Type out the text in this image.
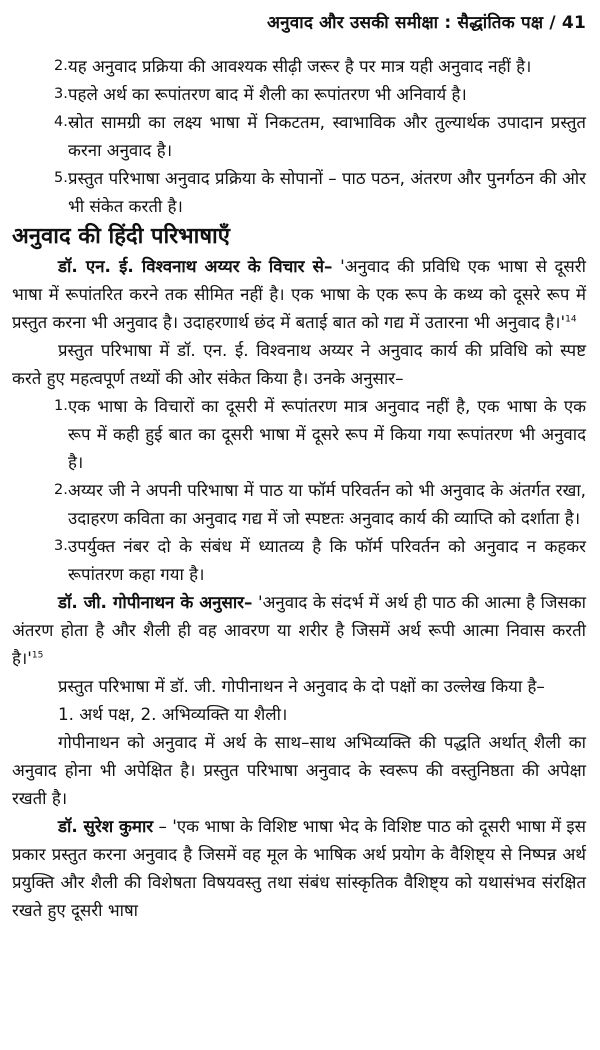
अनुवाद और उसकी समीक्षा : सैद्धांतिक पक्ष / 41
2. यह अनुवाद प्रक्रिया की आवश्यक सीढ़ी जरूर है पर मात्र यही अनुवाद नहीं है।
3. पहले अर्थ का रूपांतरण बाद में शैली का रूपांतरण भी अनिवार्य है।
4. स्रोत सामग्री का लक्ष्य भाषा में निकटतम, स्वाभाविक और तुल्यार्थक उपादान प्रस्तुत करना अनुवाद है।
5. प्रस्तुत परिभाषा अनुवाद प्रक्रिया के सोपानों – पाठ पठन, अंतरण और पुनर्गठन की ओर भी संकेत करती है।
अनुवाद की हिंदी परिभाषाएँ

डॉ. एन. ई. विश्वनाथ अय्यर के विचार से– 'अनुवाद की प्रविधि एक भाषा से दूसरी भाषा में रूपांतरित करने तक सीमित नहीं है। एक भाषा के एक रूप के कथ्य को दूसरे रूप में प्रस्तुत करना भी अनुवाद है। उदाहरणार्थ छंद में बताई बात को गद्य में उतारना भी अनुवाद $है।'^{14}$

प्रस्तुत परिभाषा में डॉ. एन. ई. विश्वनाथ अय्यर ने अनुवाद कार्य की प्रविधि को स्पष्ट करते हुए महत्वपूर्ण तथ्यों की ओर संकेत किया है। उनके अनुसार–

1. एक भाषा के विचारों का दूसरी में रूपांतरण मात्र अनुवाद नहीं है, एक भाषा के एक रूप में कही हुई बात का दूसरी भाषा में दूसरे रूप में किया गया रूपांतरण भी अनुवाद है।
2. अय्यर जी ने अपनी परिभाषा में पाठ या फॉर्म परिवर्तन को भी अनुवाद के अंतर्गत रखा, उदाहरण कविता का अनुवाद गद्य में जो स्पष्टतः अनुवाद कार्य की व्याप्ति को दर्शाता है।
3. उपर्युक्त नंबर दो के संबंध में ध्यातव्य है कि फॉर्म परिवर्तन को अनुवाद न कहकर रूपांतरण कहा गया है।

डॉ. जी. गोपीनाथन के अनुसार– 'अनुवाद के संदर्भ में अर्थ ही पाठ की आत्मा है जिसका अंतरण होता है और शैली ही वह आवरण या शरीर है जिसमें अर्थ रूपी आत्मा निवास करती $है।'^{15}$

प्रस्तुत परिभाषा में डॉ. जी. गोपीनाथन ने अनुवाद के दो पक्षों का उल्लेख किया है–

1. अर्थ पक्ष, 2. अभिव्यक्ति या शैली।

गोपीनाथन को अनुवाद में अर्थ के साथ–साथ अभिव्यक्ति की पद्धति अर्थात् शैली का अनुवाद होना भी अपेक्षित है। प्रस्तुत परिभाषा अनुवाद के स्वरूप की वस्तुनिष्ठता की अपेक्षा रखती है।

डॉ. सुरेश कुमार – 'एक भाषा के विशिष्ट भाषा भेद के विशिष्ट पाठ को दूसरी भाषा में इस प्रकार प्रस्तुत करना अनुवाद है जिसमें वह मूल के भाषिक अर्थ प्रयोग के वैशिष्ट्य से निष्पन्न अर्थ प्रयुक्ति और शैली की विशेषता विषयवस्तु तथा संबंध सांस्कृतिक वैशिष्ट्य को यथासंभव संरक्षित रखते हुए दूसरी भाषा
